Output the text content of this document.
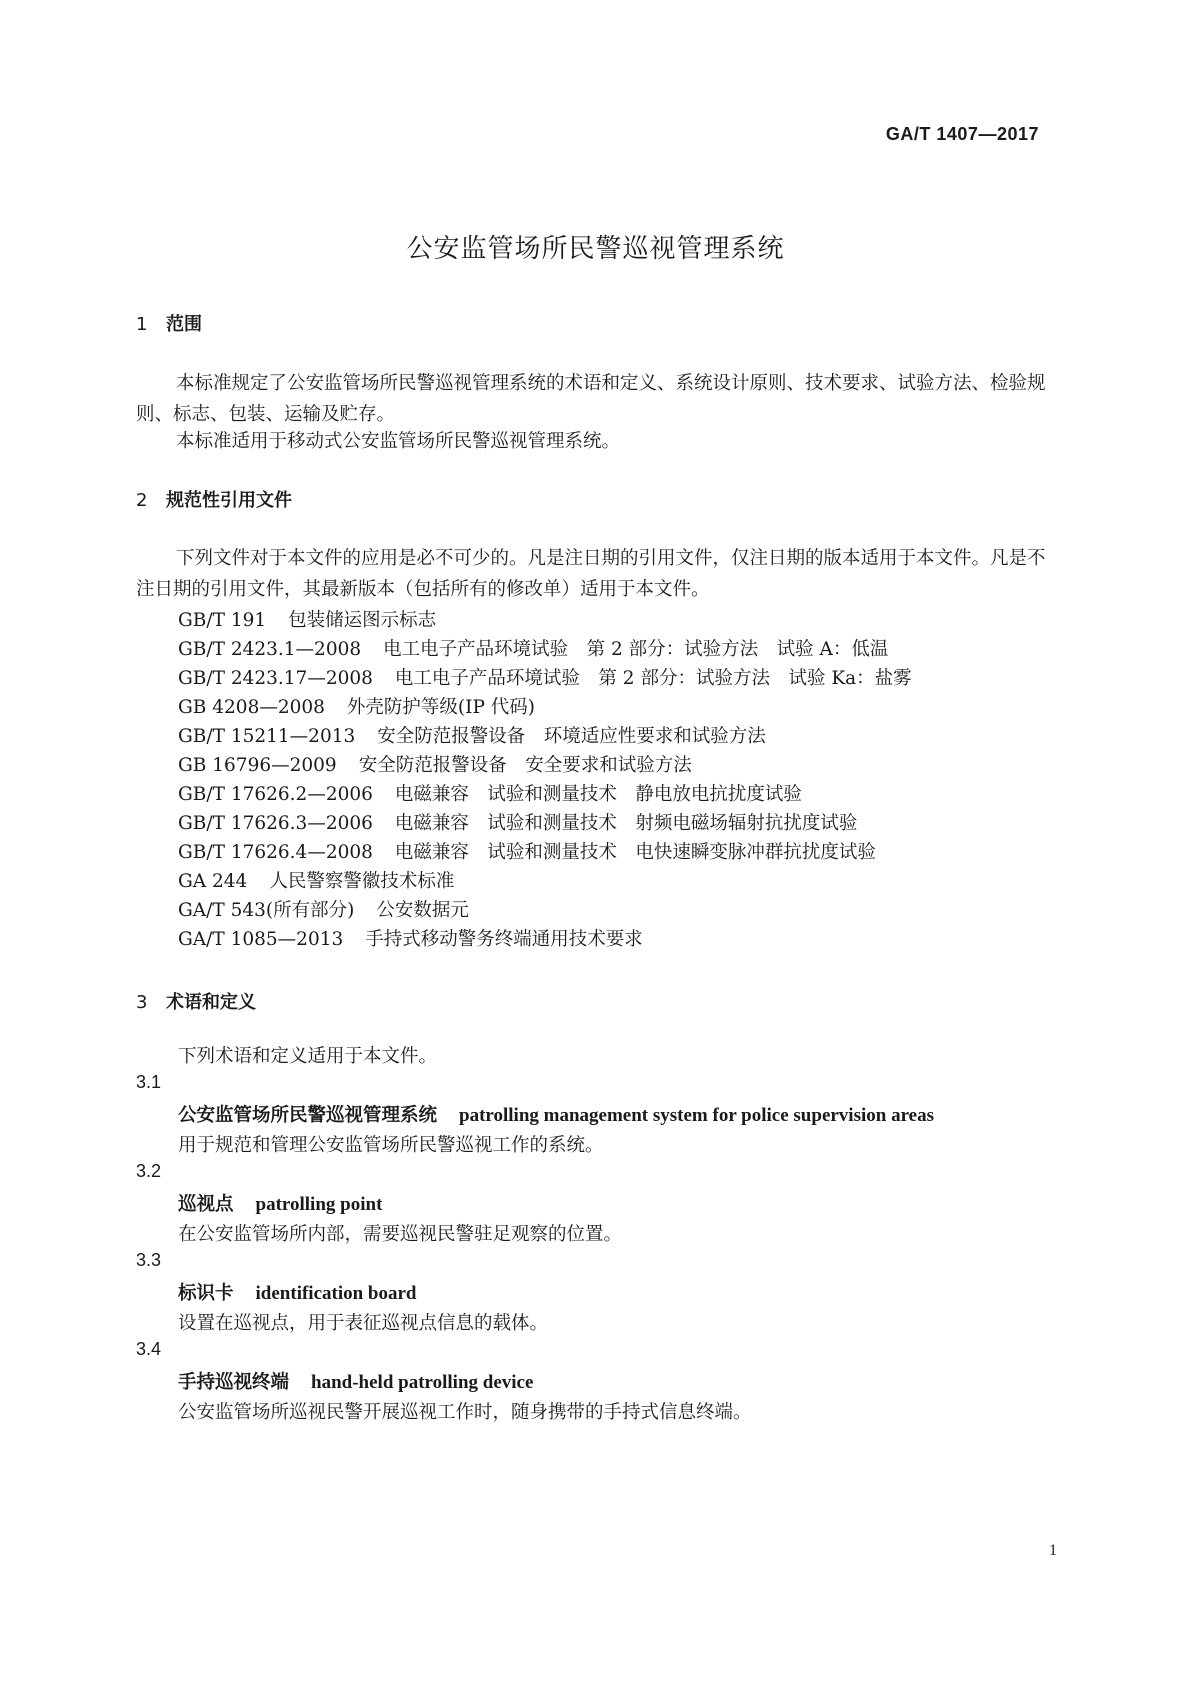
GA/T 1407—2017
公安监管场所民警巡视管理系统
1 范围
本标准规定了公安监管场所民警巡视管理系统的术语和定义、系统设计原则、技术要求、试验方法、检验规则、标志、包装、运输及贮存。
本标准适用于移动式公安监管场所民警巡视管理系统。
2 规范性引用文件
下列文件对于本文件的应用是必不可少的。凡是注日期的引用文件，仅注日期的版本适用于本文件。凡是不注日期的引用文件，其最新版本（包括所有的修改单）适用于本文件。
GB/T 191 包装储运图示标志
GB/T 2423.1—2008 电工电子产品环境试验　第 2 部分：试验方法　试验 A：低温
GB/T 2423.17—2008 电工电子产品环境试验　第 2 部分：试验方法　试验 Ka：盐雾
GB 4208—2008 外壳防护等级(IP 代码)
GB/T 15211—2013 安全防范报警设备　环境适应性要求和试验方法
GB 16796—2009 安全防范报警设备　安全要求和试验方法
GB/T 17626.2—2006 电磁兼容　试验和测量技术　静电放电抗扰度试验
GB/T 17626.3—2006 电磁兼容　试验和测量技术　射频电磁场辐射抗扰度试验
GB/T 17626.4—2008 电磁兼容　试验和测量技术　电快速瞬变脉冲群抗扰度试验
GA 244 人民警察警徽技术标准
GA/T 543(所有部分) 公安数据元
GA/T 1085—2013 手持式移动警务终端通用技术要求
3 术语和定义
下列术语和定义适用于本文件。
3.1
公安监管场所民警巡视管理系统 patrolling management system for police supervision areas
用于规范和管理公安监管场所民警巡视工作的系统。
3.2
巡视点 patrolling point
在公安监管场所内部，需要巡视民警驻足观察的位置。
3.3
标识卡 identification board
设置在巡视点，用于表征巡视点信息的载体。
3.4
手持巡视终端 hand-held patrolling device
公安监管场所巡视民警开展巡视工作时，随身携带的手持式信息终端。
1
